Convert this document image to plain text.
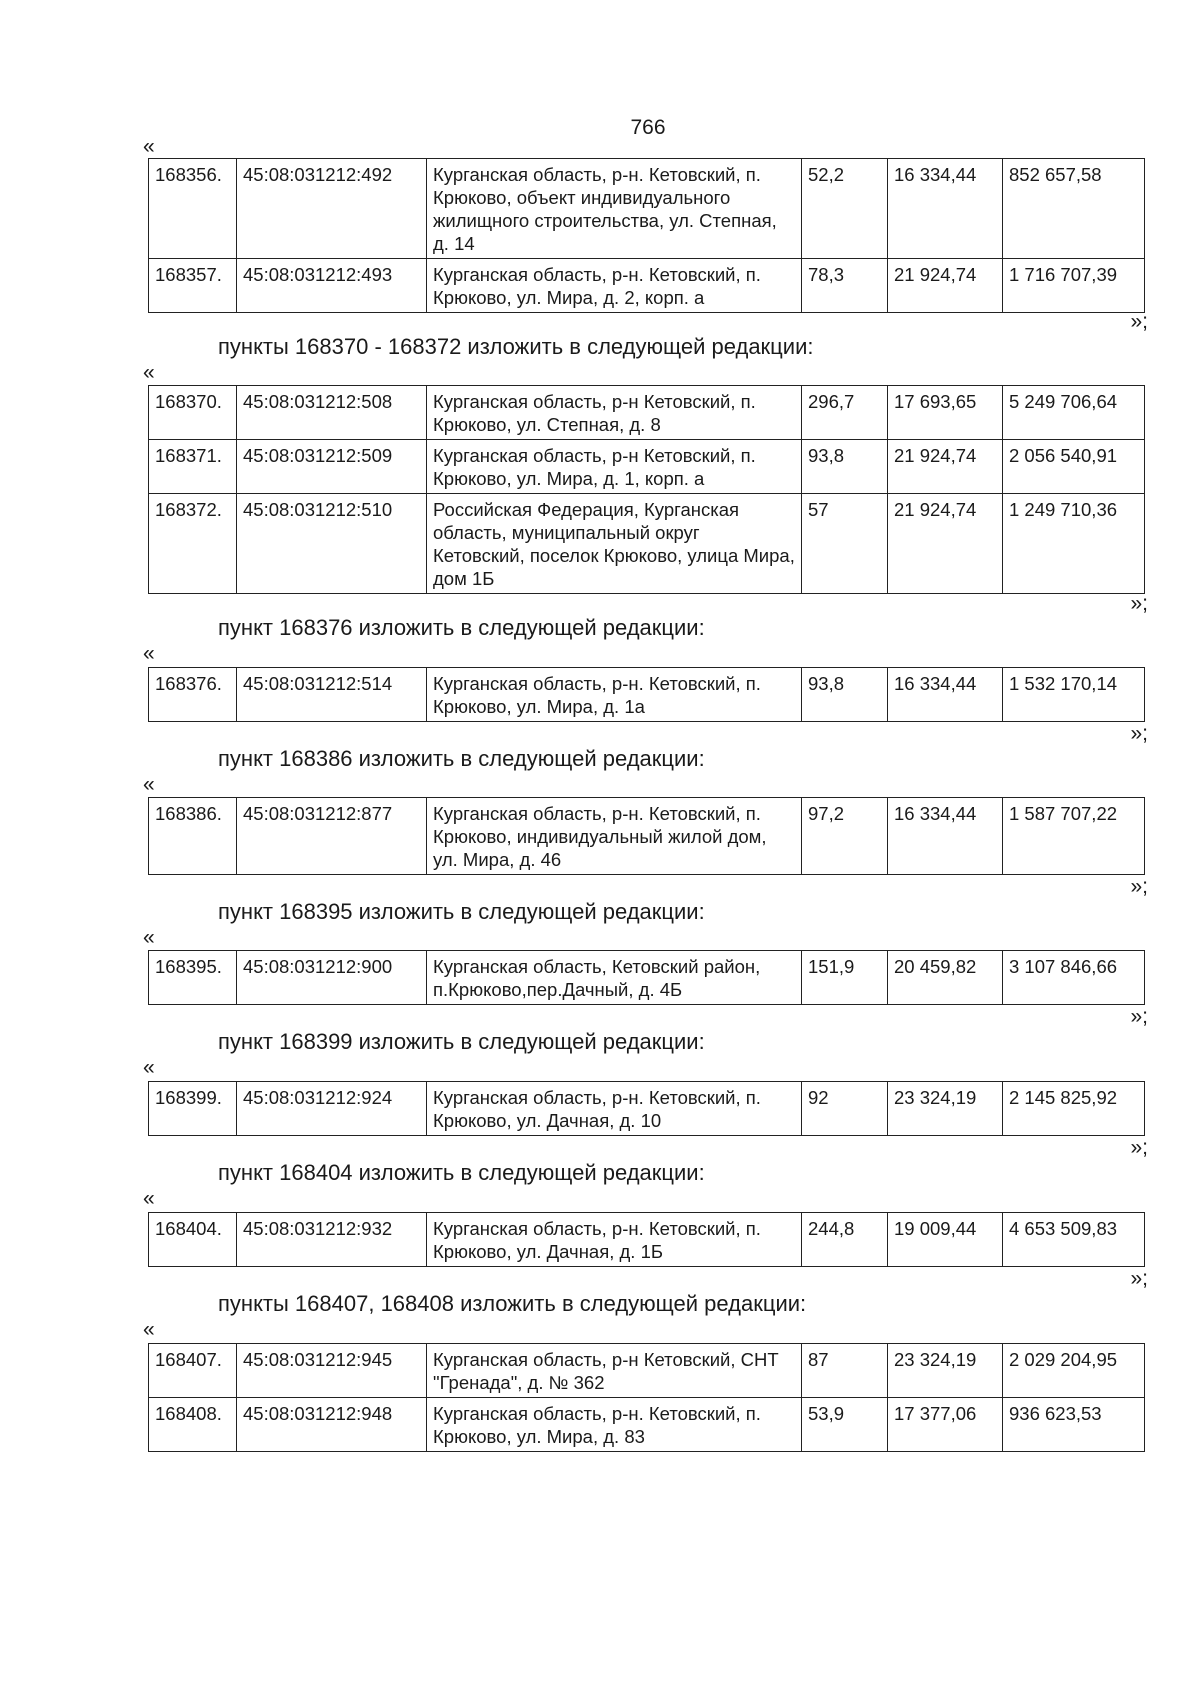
766
«
168356.	45:08:031212:492	Курганская область, р-н. Кетовский, п. Крюково, объект индивидуального жилищного строительства, ул. Степная, д. 14	52,2	16 334,44	852 657,58
168357.	45:08:031212:493	Курганская область, р-н. Кетовский, п. Крюково, ул. Мира, д. 2, корп. а	78,3	21 924,74	1 716 707,39
»;
пункты 168370 - 168372 изложить в следующей редакции:
«
168370.	45:08:031212:508	Курганская область, р-н Кетовский, п. Крюково, ул. Степная, д. 8	296,7	17 693,65	5 249 706,64
168371.	45:08:031212:509	Курганская область, р-н Кетовский, п. Крюково, ул. Мира, д. 1, корп. а	93,8	21 924,74	2 056 540,91
168372.	45:08:031212:510	Российская Федерация, Курганская область, муниципальный округ Кетовский, поселок Крюково, улица Мира, дом 1Б	57	21 924,74	1 249 710,36
»;
пункт 168376 изложить в следующей редакции:
«
168376.	45:08:031212:514	Курганская область, р-н. Кетовский, п. Крюково, ул. Мира, д. 1а	93,8	16 334,44	1 532 170,14
»;
пункт 168386 изложить в следующей редакции:
«
168386.	45:08:031212:877	Курганская область, р-н. Кетовский, п. Крюково, индивидуальный жилой дом, ул. Мира, д. 46	97,2	16 334,44	1 587 707,22
»;
пункт 168395 изложить в следующей редакции:
«
168395.	45:08:031212:900	Курганская область, Кетовский район, п.Крюково,пер.Дачный, д. 4Б	151,9	20 459,82	3 107 846,66
»;
пункт 168399 изложить в следующей редакции:
«
168399.	45:08:031212:924	Курганская область, р-н. Кетовский, п. Крюково, ул. Дачная, д. 10	92	23 324,19	2 145 825,92
»;
пункт 168404 изложить в следующей редакции:
«
168404.	45:08:031212:932	Курганская область, р-н. Кетовский, п. Крюково, ул. Дачная, д. 1Б	244,8	19 009,44	4 653 509,83
»;
пункты 168407, 168408 изложить в следующей редакции:
«
168407.	45:08:031212:945	Курганская область, р-н Кетовский, СНТ "Гренада", д. № 362	87	23 324,19	2 029 204,95
168408.	45:08:031212:948	Курганская область, р-н. Кетовский, п. Крюково, ул. Мира, д. 83	53,9	17 377,06	936 623,53
